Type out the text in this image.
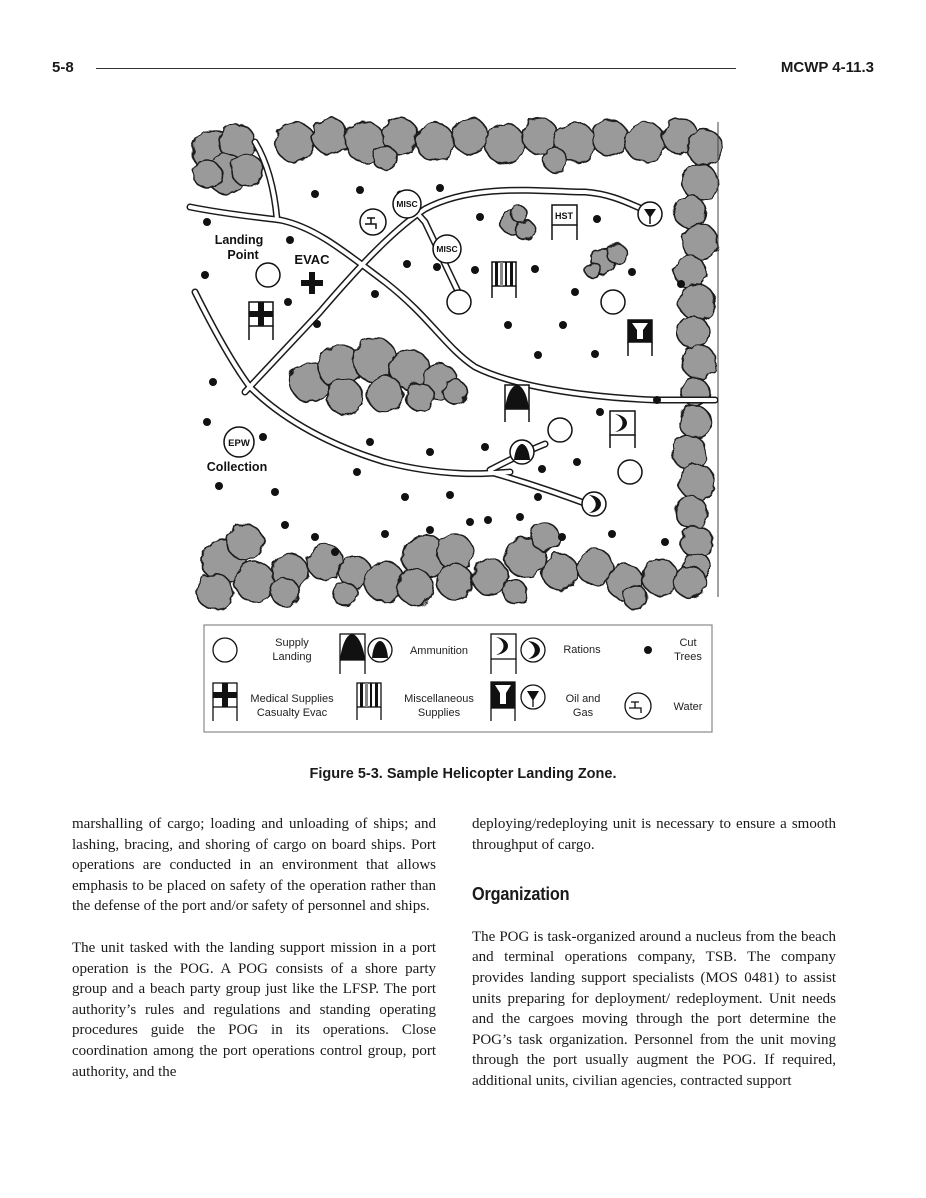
5-8	MCWP 4-11.3
Landing
Point	EVAC
EPW
Collection
MISC
MISC
HST
Supply
Landing	Ammunition	Rations
Cut
Trees
Medical Supplies
Casualty Evac
Miscellaneous
Supplies
Oil and
Gas	Water
Figure 5-3. Sample Helicopter Landing Zone.

marshalling of cargo; loading and unloading of ships; and lashing, bracing, and shoring of cargo on board ships. Port operations are conducted in an environment that allows emphasis to be placed on safety of the operation rather than the defense of the port and/or safety of personnel and ships.

The unit tasked with the landing support mission in a port operation is the POG. A POG consists of a shore party group and a beach party group just like the LFSP. The port authority’s rules and regulations and standing operating procedures guide the POG in its operations. Close coordination among the port operations control group, port authority, and the

deploying/redeploying unit is necessary to ensure a smooth throughput of cargo.

Organization

The POG is task-organized around a nucleus from the beach and terminal operations company, TSB. The company provides landing support specialists (MOS 0481) to assist units preparing for deployment/ redeployment. Unit needs and the cargoes moving through the port determine the POG’s task organization. Personnel from the unit moving through the port usually augment the POG. If required, additional units, civilian agencies, contracted support
